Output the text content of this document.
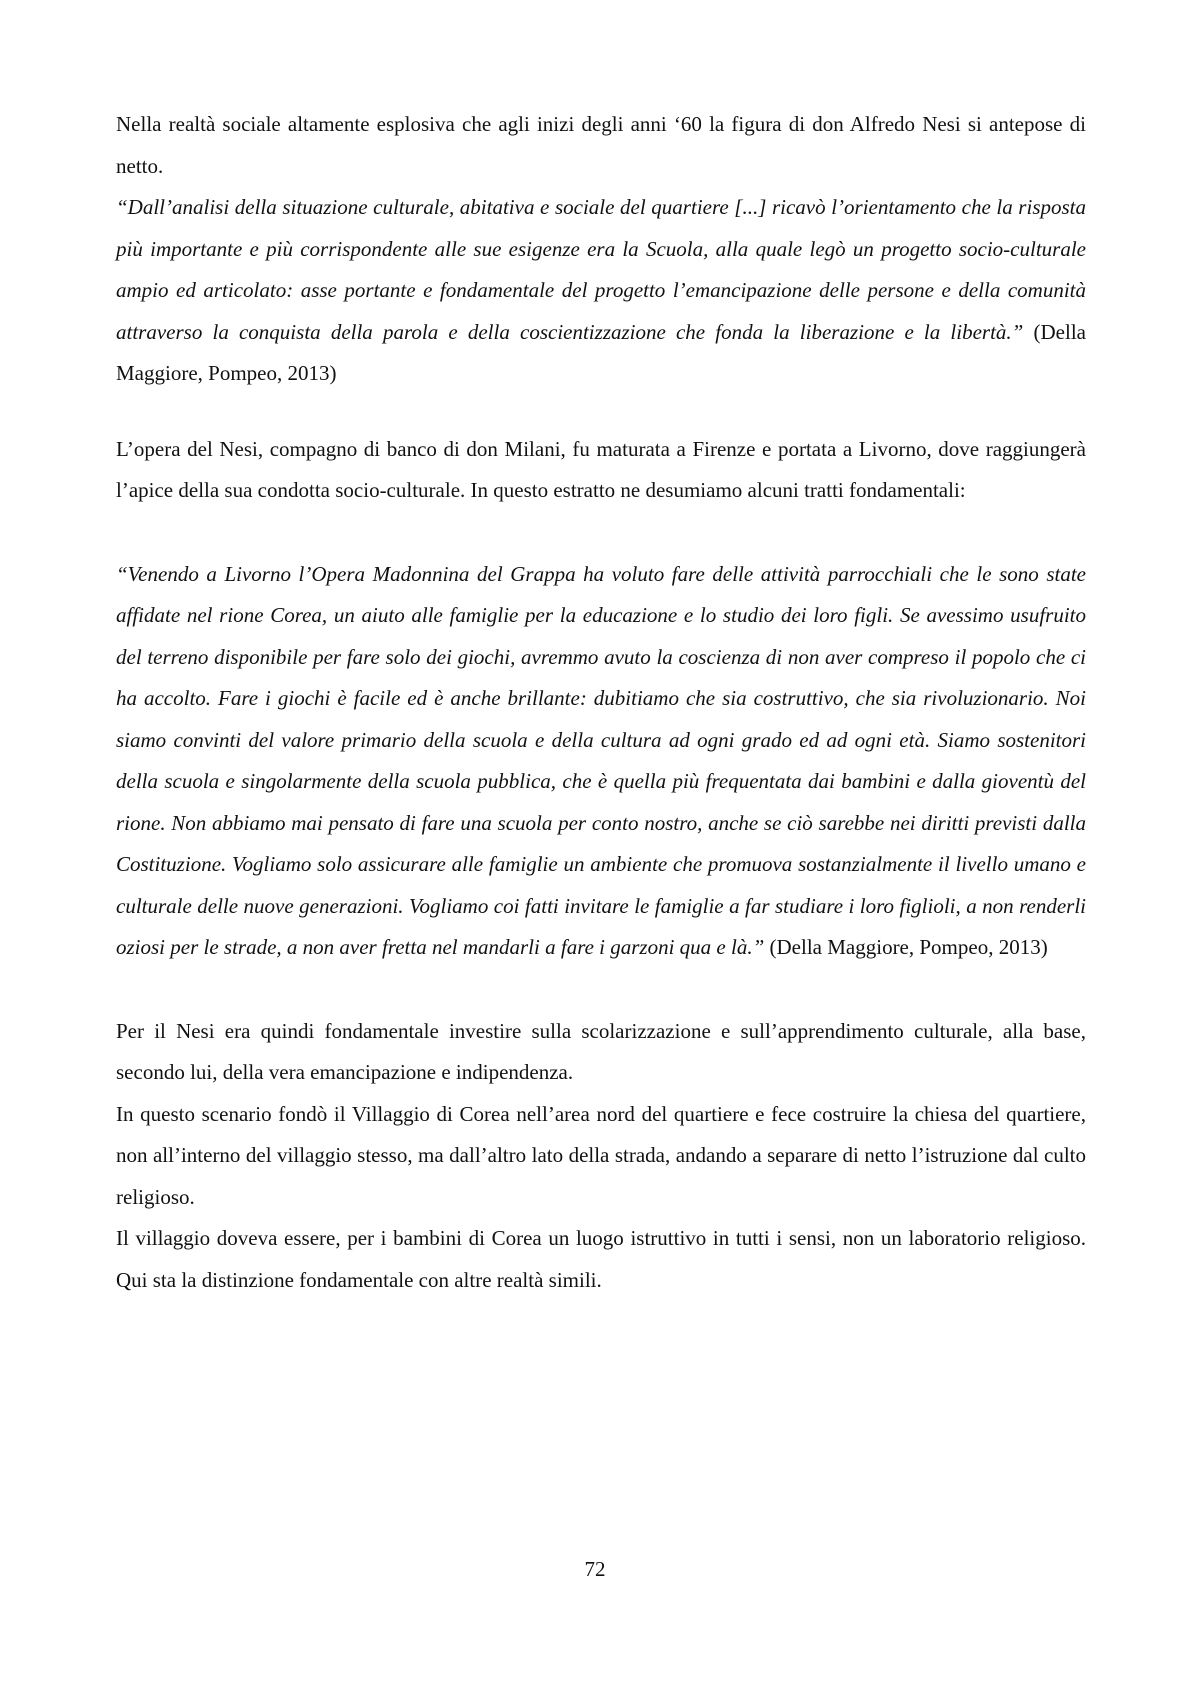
Nella realtà sociale altamente esplosiva che agli inizi degli anni ‘60 la figura di don Alfredo Nesi si antepose di netto.

“Dall’analisi della situazione culturale, abitativa e sociale del quartiere [...] ricavò l’orientamento che la risposta più importante e più corrispondente alle sue esigenze era la Scuola, alla quale legò un progetto socio-culturale ampio ed articolato: asse portante e fondamentale del progetto l’emancipazione delle persone e della comunità attraverso la conquista della parola e della coscientizzazione che fonda la liberazione e la libertà.” (Della Maggiore, Pompeo, 2013)

L’opera del Nesi, compagno di banco di don Milani, fu maturata a Firenze e portata a Livorno, dove raggiungerà l’apice della sua condotta socio-culturale. In questo estratto ne desumiamo alcuni tratti fondamentali:

“Venendo a Livorno l’Opera Madonnina del Grappa ha voluto fare delle attività parrocchiali che le sono state affidate nel rione Corea, un aiuto alle famiglie per la educazione e lo studio dei loro figli. Se avessimo usufruito del terreno disponibile per fare solo dei giochi, avremmo avuto la coscienza di non aver compreso il popolo che ci ha accolto. Fare i giochi è facile ed è anche brillante: dubitiamo che sia costruttivo, che sia rivoluzionario. Noi siamo convinti del valore primario della scuola e della cultura ad ogni grado ed ad ogni età. Siamo sostenitori della scuola e singolarmente della scuola pubblica, che è quella più frequentata dai bambini e dalla gioventù del rione. Non abbiamo mai pensato di fare una scuola per conto nostro, anche se ciò sarebbe nei diritti previsti dalla Costituzione. Vogliamo solo assicurare alle famiglie un ambiente che promuova sostanzialmente il livello umano e culturale delle nuove generazioni. Vogliamo coi fatti invitare le famiglie a far studiare i loro figlioli, a non renderli oziosi per le strade, a non aver fretta nel mandarli a fare i garzoni qua e là.” (Della Maggiore, Pompeo, 2013)

Per il Nesi era quindi fondamentale investire sulla scolarizzazione e sull’apprendimento culturale, alla base, secondo lui, della vera emancipazione e indipendenza.

In questo scenario fondò il Villaggio di Corea nell’area nord del quartiere e fece costruire la chiesa del quartiere, non all’interno del villaggio stesso, ma dall’altro lato della strada, andando a separare di netto l’istruzione dal culto religioso.

Il villaggio doveva essere, per i bambini di Corea un luogo istruttivo in tutti i sensi, non un laboratorio religioso. Qui sta la distinzione fondamentale con altre realtà simili.

72
